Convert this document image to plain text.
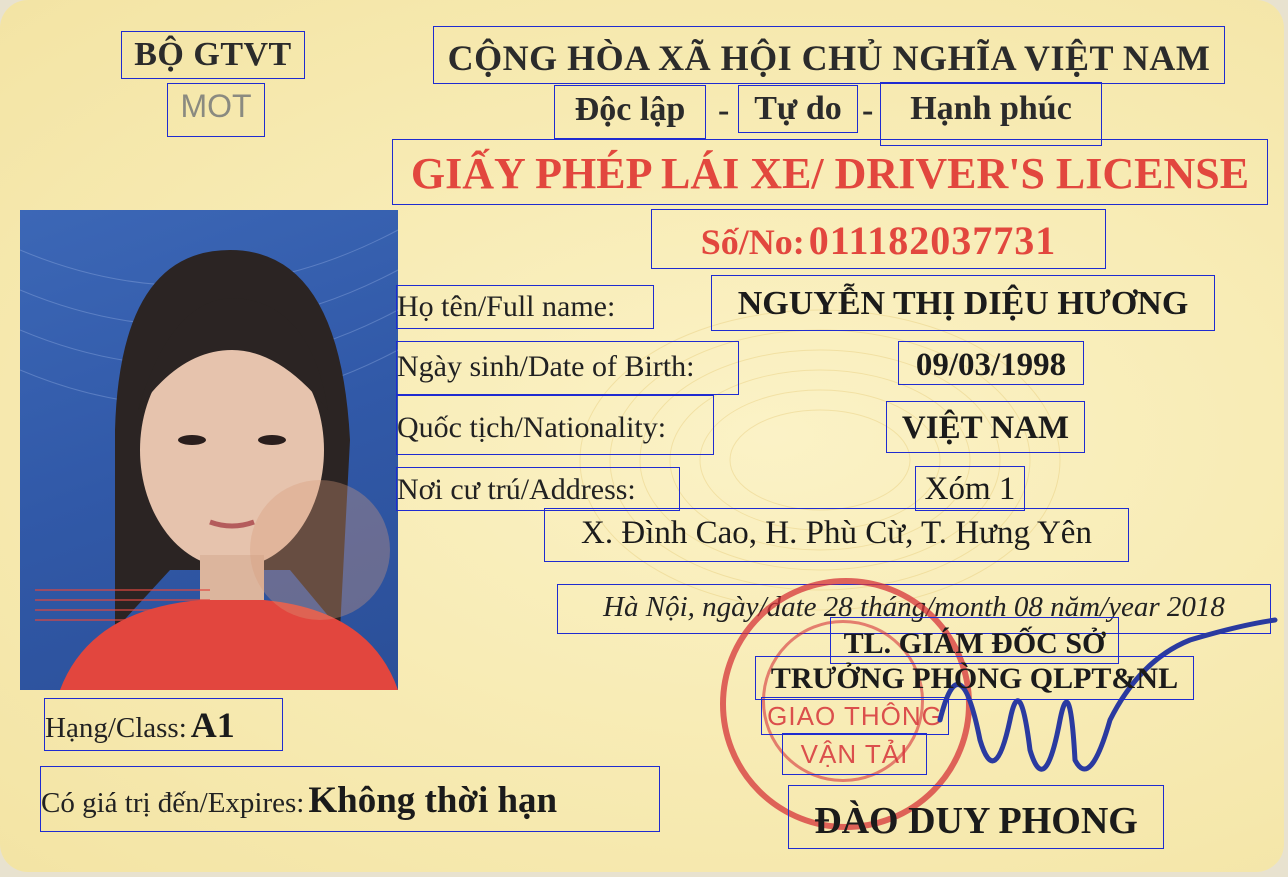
BỘ GTVT
MOT
CỘNG HÒA XÃ HỘI CHỦ NGHĨA VIỆT NAM
Độc lập - Tự do -	Hạnh phúc
GIẤY PHÉP LÁI XE/ DRIVER'S LICENSE
Số/No: 011182037731
Họ tên/Full name:	NGUYỄN THỊ DIỆU HƯƠNG
Ngày sinh/Date of Birth:	09/03/1998
Quốc tịch/Nationality:	VIỆT NAM
Nơi cư trú/Address:	Xóm 1
X. Đình Cao, H. Phù Cừ, T. Hưng Yên
Hà Nội, ngày/date 28 tháng/month 08 năm/year 2018
GIAO THÔNG
VẬN TẢI
TL. GIÁM ĐỐC SỞ
TRƯỞNG PHÒNG QLPT&NL
ĐÀO DUY PHONG
Hạng/Class: A1
Có giá trị đến/Expires: Không thời hạn
